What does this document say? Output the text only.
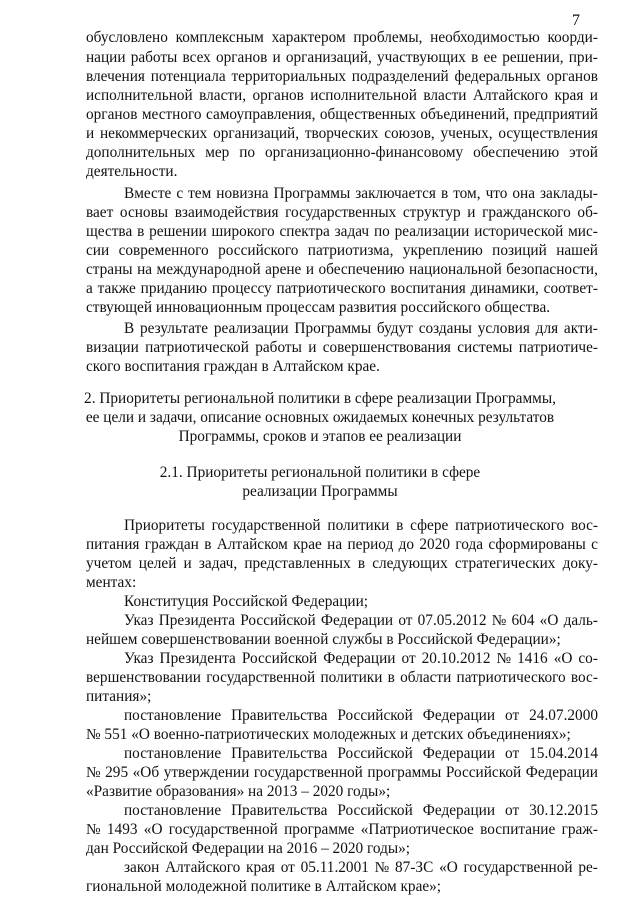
7
обусловлено комплексным характером проблемы, необходимостью коорди-
нации работы всех органов и организаций, участвующих в ее решении, при-
влечения потенциала территориальных подразделений федеральных органов
исполнительной власти, органов исполнительной власти Алтайского края и
органов местного самоуправления, общественных объединений, предприятий
и некоммерческих организаций, творческих союзов, ученых, осуществления
дополнительных мер по организационно-финансовому обеспечению этой
деятельности.
Вместе с тем новизна Программы заключается в том, что она заклады-
вает основы взаимодействия государственных структур и гражданского об-
щества в решении широкого спектра задач по реализации исторической мис-
сии современного российского патриотизма, укреплению позиций нашей
страны на международной арене и обеспечению национальной безопасности,
а также приданию процессу патриотического воспитания динамики, соответ-
ствующей инновационным процессам развития российского общества.
В результате реализации Программы будут созданы условия для акти-
визации патриотической работы и совершенствования системы патриотиче-
ского воспитания граждан в Алтайском крае.
2. Приоритеты региональной политики в сфере реализации Программы,
ее цели и задачи, описание основных ожидаемых конечных результатов
Программы, сроков и этапов ее реализации
2.1. Приоритеты региональной политики в сфере
реализации Программы
Приоритеты государственной политики в сфере патриотического вос-
питания граждан в Алтайском крае на период до 2020 года сформированы с
учетом целей и задач, представленных в следующих стратегических доку-
ментах:
Конституция Российской Федерации;
Указ Президента Российской Федерации от 07.05.2012 № 604 «О даль-
нейшем совершенствовании военной службы в Российской Федерации»;
Указ Президента Российской Федерации от 20.10.2012 № 1416 «О со-
вершенствовании государственной политики в области патриотического вос-
питания»;
постановление Правительства Российской Федерации от 24.07.2000
№ 551 «О военно-патриотических молодежных и детских объединениях»;
постановление Правительства Российской Федерации от 15.04.2014
№ 295 «Об утверждении государственной программы Российской Федерации
«Развитие образования» на 2013 – 2020 годы»;
постановление Правительства Российской Федерации от 30.12.2015
№ 1493 «О государственной программе «Патриотическое воспитание граж-
дан Российской Федерации на 2016 – 2020 годы»;
закон Алтайского края от 05.11.2001 № 87-ЗС «О государственной ре-
гиональной молодежной политике в Алтайском крае»;
